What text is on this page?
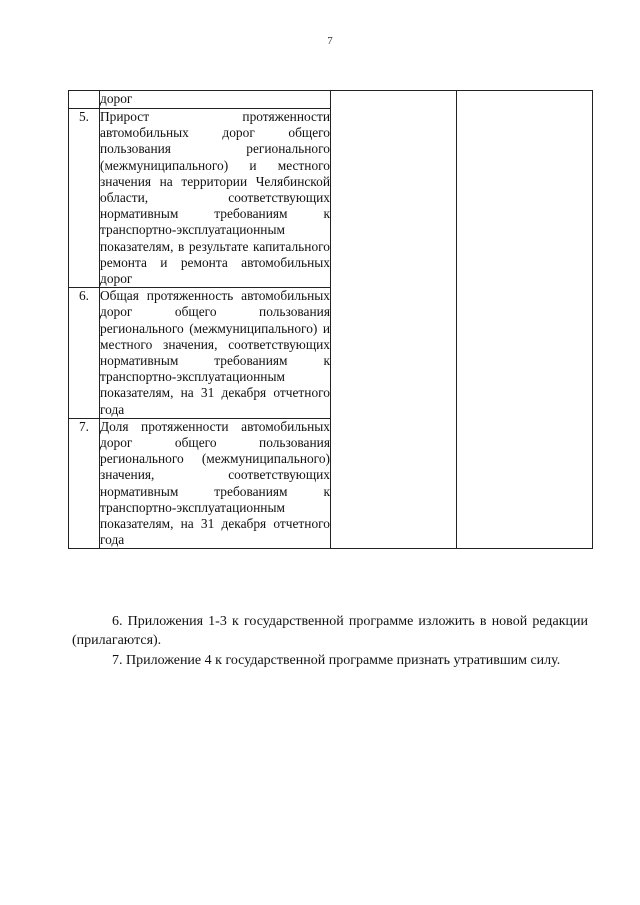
7

	дорог		

5.	Прирост протяженности автомобильных дорог общего пользования регионального (межмуниципального) и местного значения на территории Челябинской области, соответствующих нормативным требованиям к транспортно-эксплуатационным показателям, в результате капитального ремонта и ремонта автомобильных дорог		

6.	Общая протяженность автомобильных дорог общего пользования регионального (межмуниципального) и местного значения, соответствующих нормативным требованиям к транспортно-эксплуатационным показателям, на 31 декабря отчетного года		

7.	Доля протяженности автомобильных дорог общего пользования регионального (межмуниципального) значения, соответствующих нормативным требованиям к транспортно-эксплуатационным показателям, на 31 декабря отчетного года		

6. Приложения 1-3 к государственной программе изложить в новой редакции (прилагаются).

7. Приложение 4 к государственной программе признать утратившим силу.
